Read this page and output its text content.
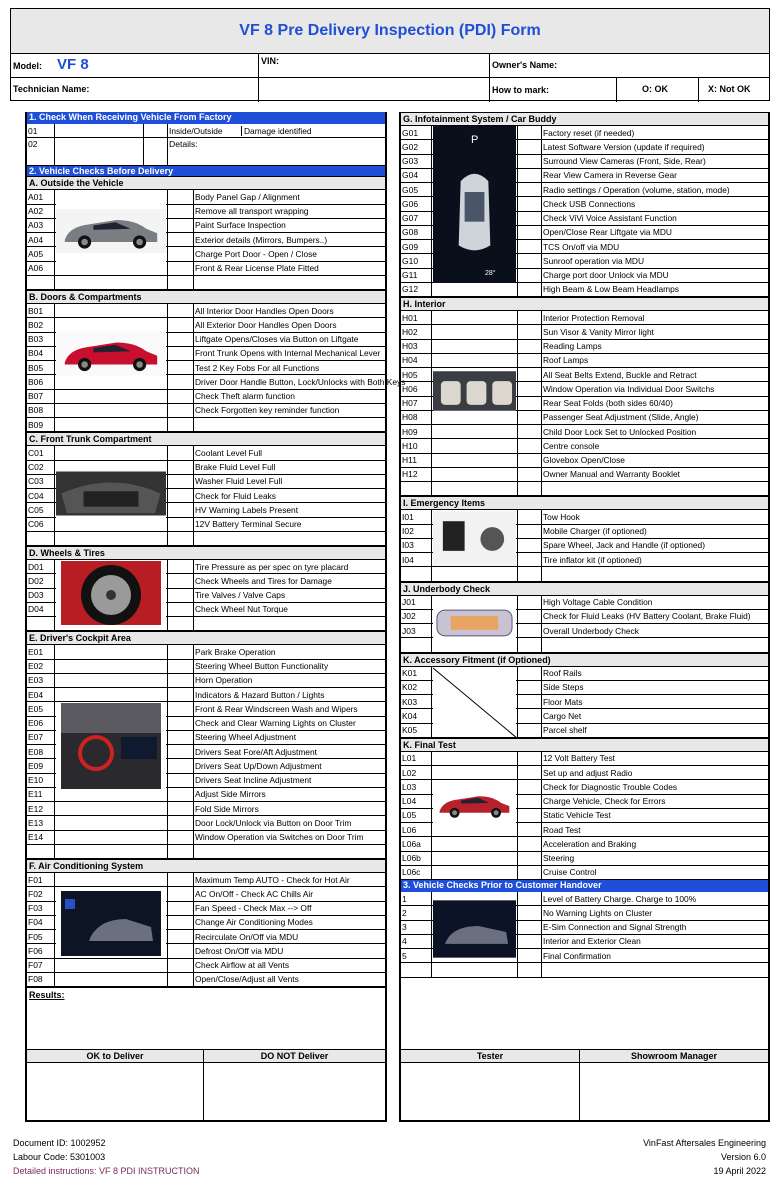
VF 8 Pre Delivery Inspection (PDI) Form
Model: VF 8	VIN:	Owner's Name:
Technician Name:	How to mark:	O: OK	X: Not OK
1. Check When Receiving Vehicle From Factory
01	Inside/Outside	Damage identified
02	Details:
2. Vehicle Checks Before Delivery
A. Outside the Vehicle
A01	Body Panel Gap / Alignment
A02	Remove all transport wrapping
A03	Paint Surface Inspection
A04	Exterior details (Mirrors, Bumpers..)
A05	Charge Port Door - Open / Close
A06	Front & Rear License Plate Fitted
B. Doors & Compartments
B01	All Interior Door Handles Open Doors
B02	All Exterior Door Handles Open Doors
B03	Liftgate Opens/Closes via Button on Liftgate
B04	Front Trunk Opens with Internal Mechanical Lever
B05	Test 2 Key Fobs For all Functions
B06	Driver Door Handle Button, Lock/Unlocks with Both Keys
B07	Check Theft alarm function
B08	Check Forgotten key reminder function
B09
C. Front Trunk Compartment
C01	Coolant Level Full
C02	Brake Fluid Level Full
C03	Washer Fluid Level Full
C04	Check for Fluid Leaks
C05	HV Warning Labels Present
C06	12V Battery Terminal Secure
D. Wheels & Tires
D01	Tire Pressure as per spec on tyre placard
D02	Check Wheels and Tires for Damage
D03	Tire Valves / Valve Caps
D04	Check Wheel Nut Torque
E. Driver's Cockpit Area
E01	Park Brake Operation
E02	Steering Wheel Button Functionality
E03	Horn Operation
E04	Indicators & Hazard Button / Lights
E05	Front & Rear Windscreen Wash and Wipers
E06	Check and Clear Warning Lights on Cluster
E07	Steering Wheel Adjustment
E08	Drivers Seat Fore/Aft Adjustment
E09	Drivers Seat Up/Down Adjustment
E10	Drivers Seat Incline Adjustment
E11	Adjust Side Mirrors
E12	Fold Side Mirrors
E13	Door Lock/Unlock via Button on Door Trim
E14	Window Operation via Switches on Door Trim
F. Air Conditioning System
F01	Maximum Temp AUTO - Check for Hot Air
F02	AC On/Off - Check AC Chills Air
F03	Fan Speed - Check Max --> Off
F04	Change Air Conditioning Modes
F05	Recirculate On/Off via MDU
F06	Defrost On/Off via MDU
F07	Check Airflow at all Vents
F08	Open/Close/Adjust all Vents
Results:
OK to Deliver	DO NOT Deliver
G. Infotainment System / Car Buddy
G01	Factory reset (if needed)
G02	Latest Software Version (update if required)
G03	Surround View Cameras (Front, Side, Rear)
G04	Rear View Camera in Reverse Gear
G05	Radio settings / Operation (volume, station, mode)
G06	Check USB Connections
G07	Check ViVi Voice Assistant Function
G08	Open/Close Rear Liftgate via MDU
G09	TCS On/off via MDU
G10	Sunroof operation via MDU
G11	Charge port door Unlock via MDU
G12	High Beam & Low Beam Headlamps
P
28°
H. Interior
H01	Interior Protection Removal
H02	Sun Visor & Vanity Mirror light
H03	Reading Lamps
H04	Roof Lamps
H05	All Seat Belts Extend, Buckle and Retract
H06	Window Operation via Individual Door Switchs
H07	Rear Seat Folds (both sides 60/40)
H08	Passenger Seat Adjustment (Slide, Angle)
H09	Child Door Lock Set to Unlocked Position
H10	Centre console
H11	Glovebox Open/Close
H12	Owner Manual and Warranty Booklet
I. Emergency Items
I01	Tow Hook
I02	Mobile Charger (if optioned)
I03	Spare Wheel, Jack and Handle (if optioned)
I04	Tire inflator kit (if optioned)
J. Underbody Check
J01	High Voltage Cable Condition
J02	Check for Fluid Leaks (HV Battery Coolant, Brake Fluid)
J03	Overall Underbody Check
K. Accessory Fitment (if Optioned)
K01	Roof Rails
K02	Side Steps
K03	Floor Mats
K04	Cargo Net
K05	Parcel shelf
K. Final Test
L01	12 Volt Battery Test
L02	Set up and adjust Radio
L03	Check for Diagnostic Trouble Codes
L04	Charge Vehicle, Check for Errors
L05	Static Vehicle Test
L06	Road Test
L06a	Acceleration and Braking
L06b	Steering
L06c	Cruise Control
3. Vehicle Checks Prior to Customer Handover
1	Level of Battery Charge. Charge to 100%
2	No Warning Lights on Cluster
3	E-Sim Connection and Signal Strength
4	Interior and Exterior Clean
5	Final Confirmation
Tester	Showroom Manager
Document ID: 1002952
Labour Code: 5301003
Detailed instructions: VF 8 PDI INSTRUCTION
VinFast Aftersales Engineering
Version 6.0
19 April 2022
